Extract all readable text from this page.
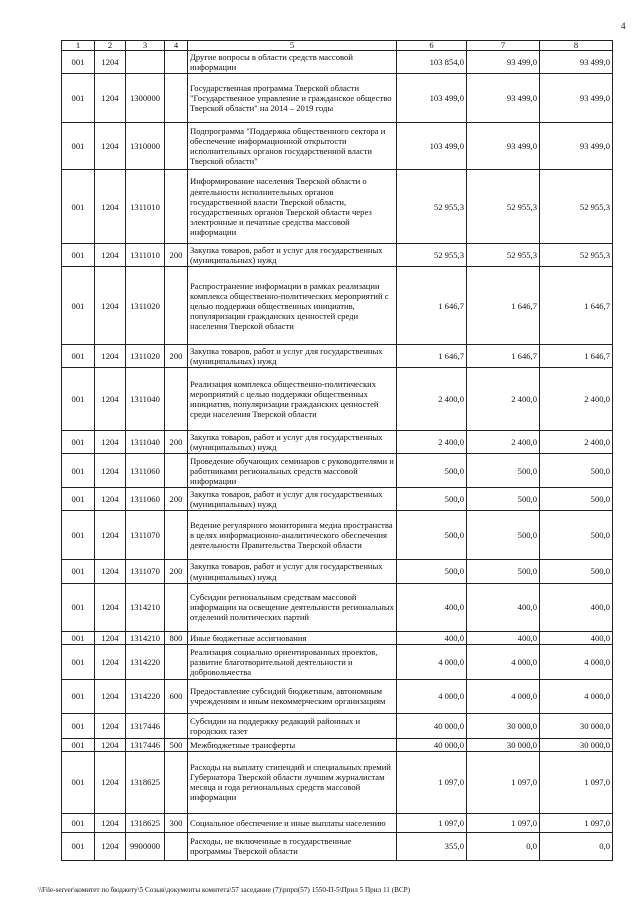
4
1	2	3	4	5	6	7	8
001	1204			Другие вопросы в области средств массовой информации	103 854,0	93 499,0	93 499,0
001	1204	1300000		Государственная программа Тверской области "Государственное управление и гражданское общество Тверской области" на 2014 – 2019 годы	103 499,0	93 499,0	93 499,0
001	1204	1310000		Подпрограмма "Поддержка общественного сектора и обеспечение информационной открытости исполнительных органов государственной власти Тверской области"	103 499,0	93 499,0	93 499,0
001	1204	1311010		Информирование населения Тверской области о деятельности исполнительных органов государственной власти Тверской области, государственных органов Тверской области через электронные и печатные средства массовой информации	52 955,3	52 955,3	52 955,3
001	1204	1311010	200	Закупка товаров, работ и услуг для государственных (муниципальных) нужд	52 955,3	52 955,3	52 955,3
001	1204	1311020		Распространение информации в рамках реализации комплекса общественно-политических мероприятий с целью поддержки общественных инициатив, популяризации гражданских ценностей среди населения Тверской области	1 646,7	1 646,7	1 646,7
001	1204	1311020	200	Закупка товаров, работ и услуг для государственных (муниципальных) нужд	1 646,7	1 646,7	1 646,7
001	1204	1311040		Реализация комплекса общественно-политических мероприятий с целью поддержки общественных инициатив, популяризации гражданских ценностей среди населения Тверской области	2 400,0	2 400,0	2 400,0
001	1204	1311040	200	Закупка товаров, работ и услуг для государственных (муниципальных) нужд	2 400,0	2 400,0	2 400,0
001	1204	1311060		Проведение обучающих семинаров с руководителями и работниками региональных средств массовой информации	500,0	500,0	500,0
001	1204	1311060	200	Закупка товаров, работ и услуг для государственных (муниципальных) нужд	500,0	500,0	500,0
001	1204	1311070		Ведение регулярного мониторинга медиа пространства в целях информационно-аналитического обеспечения деятельности Правительства Тверской области	500,0	500,0	500,0
001	1204	1311070	200	Закупка товаров, работ и услуг для государственных (муниципальных) нужд	500,0	500,0	500,0
001	1204	1314210		Субсидии региональным средствам массовой информации на освещение деятельности региональных отделений политических партий	400,0	400,0	400,0
001	1204	1314210	800	Иные бюджетные ассигнования	400,0	400,0	400,0
001	1204	1314220		Реализация социально ориентированных проектов, развитие благотворительной деятельности и добровольчества	4 000,0	4 000,0	4 000,0
001	1204	1314220	600	Предоставление субсидий бюджетным, автономным учреждениям и иным некоммерческим организациям	4 000,0	4 000,0	4 000,0
001	1204	1317446		Субсидии на поддержку редакций районных и городских газет	40 000,0	30 000,0	30 000,0
001	1204	1317446	500	Межбюджетные трансферты	40 000,0	30 000,0	30 000,0
001	1204	1318625		Расходы на выплату стипендий и специальных премий Губернатора Тверской области лучшим журналистам месяца и года региональных средств массовой информации	1 097,0	1 097,0	1 097,0
001	1204	1318625	300	Социальное обеспечение и иные выплаты населению	1 097,0	1 097,0	1 097,0
001	1204	9900000		Расходы, не включенные в государственные программы Тверской области	355,0	0,0	0,0
\\File-server\комитет по бюджету\5 Созыв\документы комитета\57 заседание (7)\рпрп(57) 1550-П-5\Прил 5 Прил 11 (ВСР)
